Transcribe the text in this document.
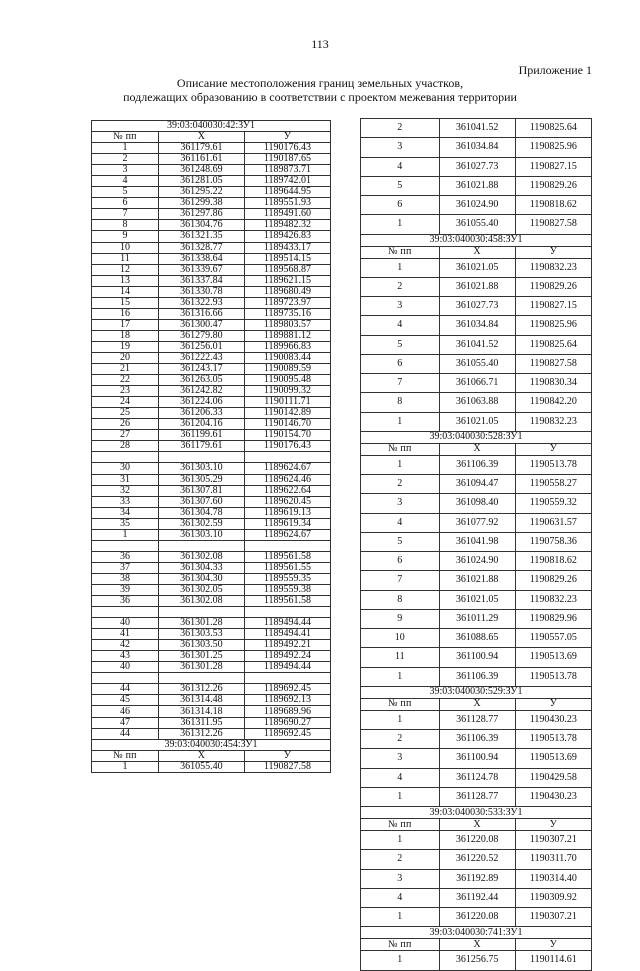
113
Приложение 1
Описание местоположения границ земельных участков,
подлежащих образованию в соответствии с проектом межевания территории
39:03:040030:42:ЗУ1		
№ пп	X	У
1	361179.61	1190176.43
2	361161.61	1190187.65
3	361248.69	1189873.71
4	361281.05	1189742.01
5	361295.22	1189644.95
6	361299.38	1189551.93
7	361297.86	1189491.60
8	361304.76	1189482.32
9	361321.35	1189426.83
10	361328.77	1189433.17
11	361338.64	1189514.15
12	361339.67	1189568.87
13	361337.84	1189621.15
14	361330.78	1189680.49
15	361322.93	1189723.97
16	361316.66	1189735.16
17	361300.47	1189803.57
18	361279.80	1189881.12
19	361256.01	1189966.83
20	361222.43	1190083.44
21	361243.17	1190089.59
22	361263.05	1190095.48
23	361242.82	1190099.32
24	361224.06	1190111.71
25	361206.33	1190142.89
26	361204.16	1190146.70
27	361199.61	1190154.70
28	361179.61	1190176.43

30	361303.10	1189624.67
31	361305.29	1189624.46
32	361307.81	1189622.64
33	361307.60	1189620.45
34	361304.78	1189619.13
35	361302.59	1189619.34
1	361303.10	1189624.67

36	361302.08	1189561.58
37	361304.33	1189561.55
38	361304.30	1189559.35
39	361302.05	1189559.38
36	361302.08	1189561.58

40	361301.28	1189494.44
41	361303.53	1189494.41
42	361303.50	1189492.21
43	361301.25	1189492.24
40	361301.28	1189494.44

44	361312.26	1189692.45
45	361314.48	1189692.13
46	361314.18	1189689.96
47	361311.95	1189690.27
44	361312.26	1189692.45
39:03:040030:454:ЗУ1		
№ пп	X	У
1	361055.40	1190827.58
2	361041.52	1190825.64
3	361034.84	1190825.96
4	361027.73	1190827.15
5	361021.88	1190829.26
6	361024.90	1190818.62
1	361055.40	1190827.58
39:03:040030:458:ЗУ1		
№ пп	X	У
1	361021.05	1190832.23
2	361021.88	1190829.26
3	361027.73	1190827.15
4	361034.84	1190825.96
5	361041.52	1190825.64
6	361055.40	1190827.58
7	361066.71	1190830.34
8	361063.88	1190842.20
1	361021.05	1190832.23
39:03:040030:528:ЗУ1		
№ пп	X	У
1	361106.39	1190513.78
2	361094.47	1190558.27
3	361098.40	1190559.32
4	361077.92	1190631.57
5	361041.98	1190758.36
6	361024.90	1190818.62
7	361021.88	1190829.26
8	361021.05	1190832.23
9	361011.29	1190829.96
10	361088.65	1190557.05
11	361100.94	1190513.69
1	361106.39	1190513.78
39:03:040030:529:ЗУ1		
№ пп	X	У
1	361128.77	1190430.23
2	361106.39	1190513.78
3	361100.94	1190513.69
4	361124.78	1190429.58
1	361128.77	1190430.23
39:03:040030:533:ЗУ1		
№ пп	X	У
1	361220.08	1190307.21
2	361220.52	1190311.70
3	361192.89	1190314.40
4	361192.44	1190309.92
1	361220.08	1190307.21
39:03:040030:741:ЗУ1		
№ пп	X	У
1	361256.75	1190114.61
